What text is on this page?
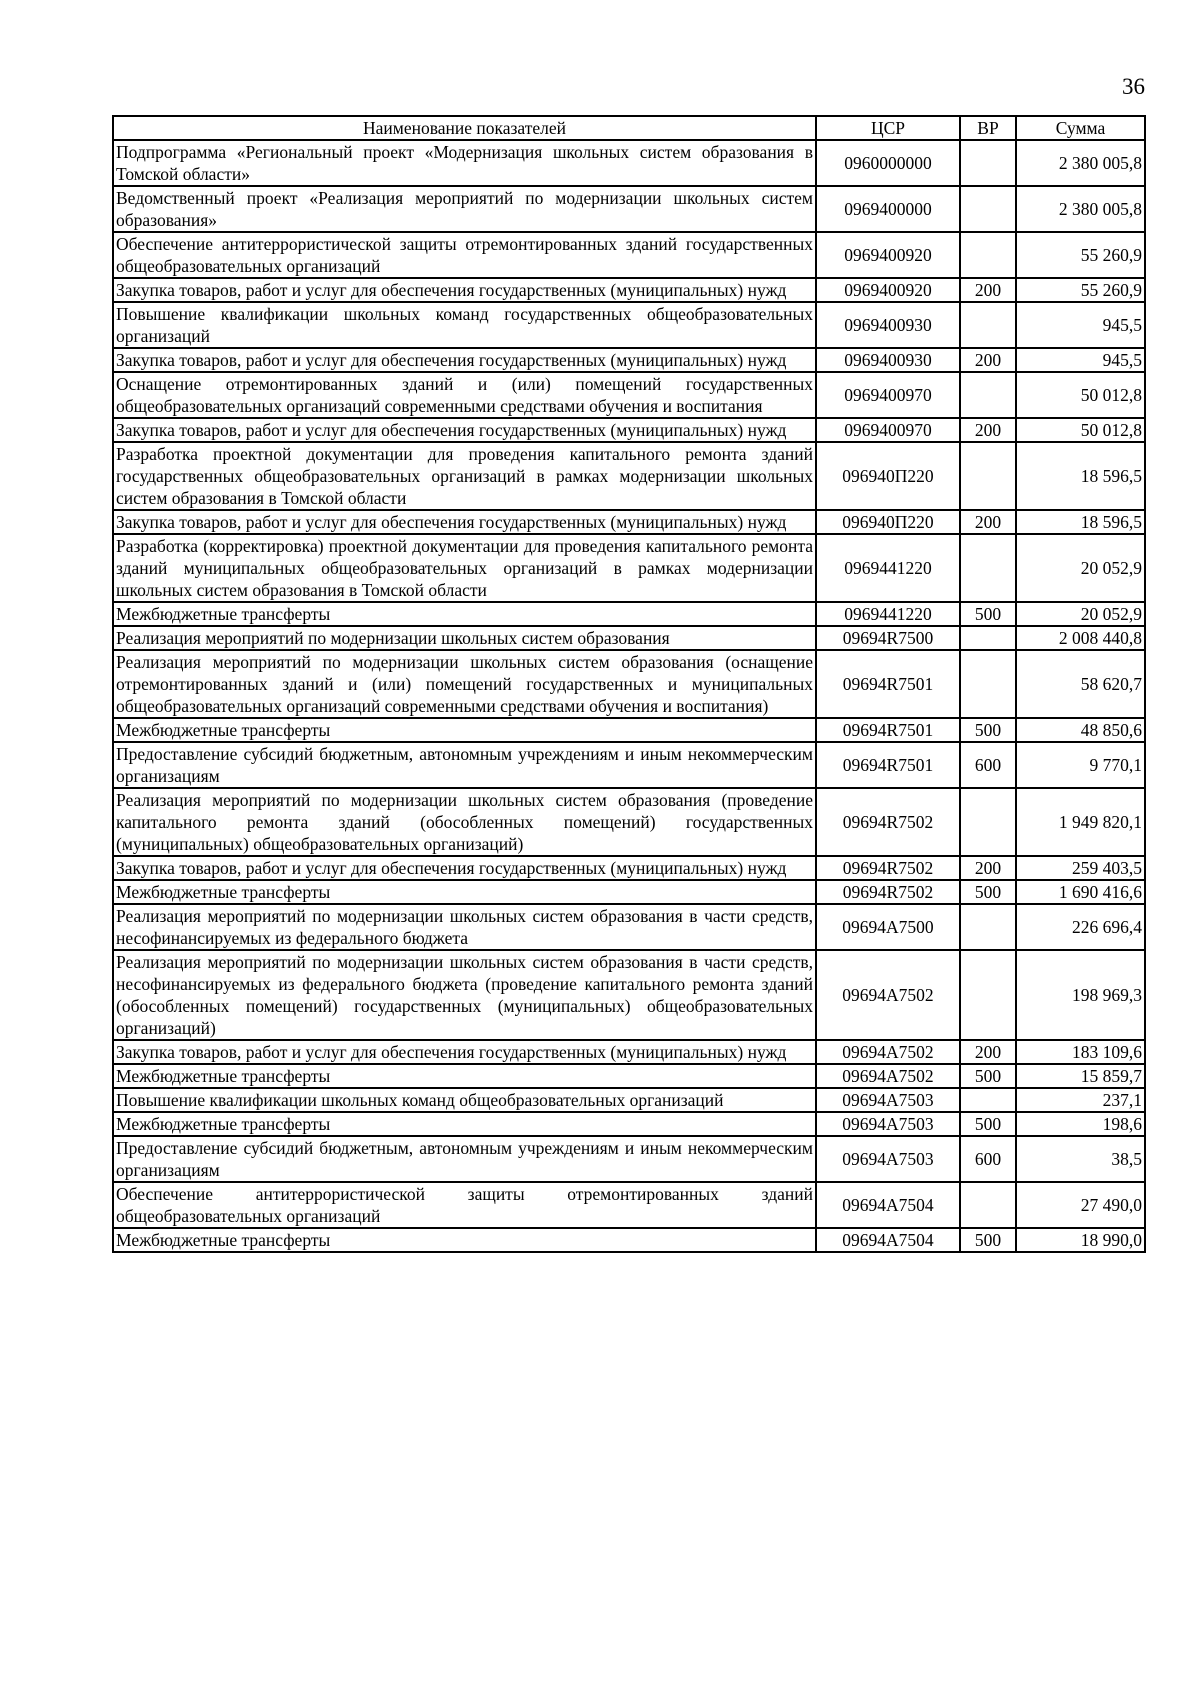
36
Наименование показателей	ЦСР	ВР	Сумма
Подпрограмма «Региональный проект «Модернизация школьных систем образования в Томской области»	0960000000		2 380 005,8
Ведомственный проект «Реализация мероприятий по модернизации школьных систем образования»	0969400000		2 380 005,8
Обеспечение антитеррористической защиты отремонтированных зданий государственных общеобразовательных организаций	0969400920		55 260,9
Закупка товаров, работ и услуг для обеспечения государственных (муниципальных) нужд	0969400920	200	55 260,9
Повышение квалификации школьных команд государственных общеобразовательных организаций	0969400930		945,5
Закупка товаров, работ и услуг для обеспечения государственных (муниципальных) нужд	0969400930	200	945,5
Оснащение отремонтированных зданий и (или) помещений государственных общеобразовательных организаций современными средствами обучения и воспитания	0969400970		50 012,8
Закупка товаров, работ и услуг для обеспечения государственных (муниципальных) нужд	0969400970	200	50 012,8
Разработка проектной документации для проведения капитального ремонта зданий государственных общеобразовательных организаций в рамках модернизации школьных систем образования в Томской области	096940П220		18 596,5
Закупка товаров, работ и услуг для обеспечения государственных (муниципальных) нужд	096940П220	200	18 596,5
Разработка (корректировка) проектной документации для проведения капитального ремонта зданий муниципальных общеобразовательных организаций в рамках модернизации школьных систем образования в Томской области	0969441220		20 052,9
Межбюджетные трансферты	0969441220	500	20 052,9
Реализация мероприятий по модернизации школьных систем образования	09694R7500		2 008 440,8
Реализация мероприятий по модернизации школьных систем образования (оснащение отремонтированных зданий и (или) помещений государственных и муниципальных общеобразовательных организаций современными средствами обучения и воспитания)	09694R7501		58 620,7
Межбюджетные трансферты	09694R7501	500	48 850,6
Предоставление субсидий бюджетным, автономным учреждениям и иным некоммерческим организациям	09694R7501	600	9 770,1
Реализация мероприятий по модернизации школьных систем образования (проведение капитального ремонта зданий (обособленных помещений) государственных (муниципальных) общеобразовательных организаций)	09694R7502		1 949 820,1
Закупка товаров, работ и услуг для обеспечения государственных (муниципальных) нужд	09694R7502	200	259 403,5
Межбюджетные трансферты	09694R7502	500	1 690 416,6
Реализация мероприятий по модернизации школьных систем образования в части средств, несофинансируемых из федерального бюджета	09694A7500		226 696,4
Реализация мероприятий по модернизации школьных систем образования в части средств, несофинансируемых из федерального бюджета (проведение капитального ремонта зданий (обособленных помещений) государственных (муниципальных) общеобразовательных организаций)	09694A7502		198 969,3
Закупка товаров, работ и услуг для обеспечения государственных (муниципальных) нужд	09694A7502	200	183 109,6
Межбюджетные трансферты	09694A7502	500	15 859,7
Повышение квалификации школьных команд общеобразовательных организаций	09694A7503		237,1
Межбюджетные трансферты	09694A7503	500	198,6
Предоставление субсидий бюджетным, автономным учреждениям и иным некоммерческим организациям	09694A7503	600	38,5
Обеспечение антитеррористической защиты отремонтированных зданий общеобразовательных организаций	09694A7504		27 490,0
Межбюджетные трансферты	09694A7504	500	18 990,0
